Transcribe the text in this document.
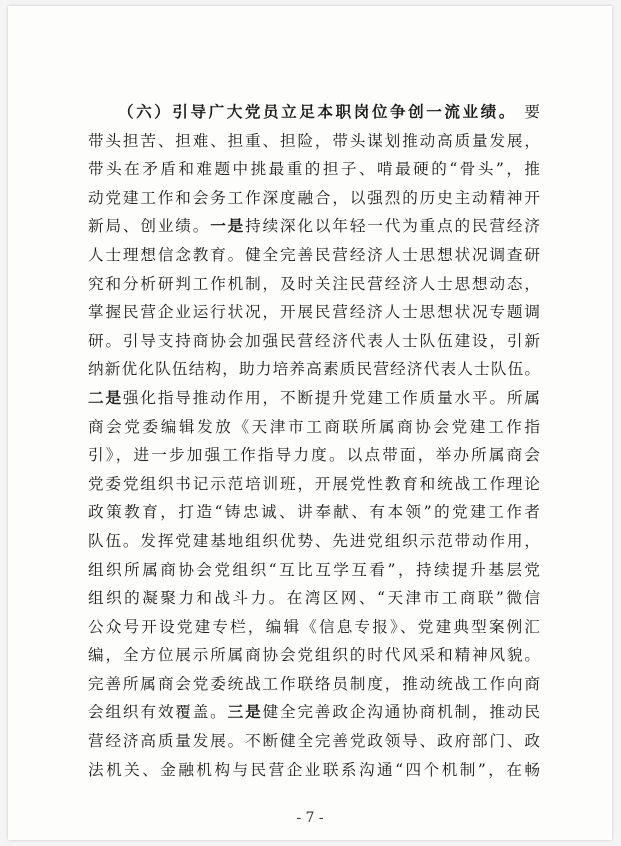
（六）引导广大党员立足本职岗位争创一流业绩。 要
带头担苦、担难、担重、担险，带头谋划推动高质量发展，
带头在矛盾和难题中挑最重的担子、啃最硬的“骨头”，推
动党建工作和会务工作深度融合，以强烈的历史主动精神开
新局、创业绩。一是持续深化以年轻一代为重点的民营经济
人士理想信念教育。健全完善民营经济人士思想状况调查研
究和分析研判工作机制，及时关注民营经济人士思想动态，
掌握民营企业运行状况，开展民营经济人士思想状况专题调
研。引导支持商协会加强民营经济代表人士队伍建设，引新
纳新优化队伍结构，助力培养高素质民营经济代表人士队伍。
二是强化指导推动作用，不断提升党建工作质量水平。所属
商会党委编辑发放《天津市工商联所属商协会党建工作指
引》，进一步加强工作指导力度。以点带面，举办所属商会
党委党组织书记示范培训班，开展党性教育和统战工作理论
政策教育，打造“铸忠诚、讲奉献、有本领”的党建工作者
队伍。发挥党建基地组织优势、先进党组织示范带动作用，
组织所属商协会党组织“互比互学互看”，持续提升基层党
组织的凝聚力和战斗力。在湾区网、“天津市工商联”微信
公众号开设党建专栏，编辑《信息专报》、党建典型案例汇
编，全方位展示所属商协会党组织的时代风采和精神风貌。
完善所属商会党委统战工作联络员制度，推动统战工作向商
会组织有效覆盖。三是健全完善政企沟通协商机制，推动民
营经济高质量发展。不断健全完善党政领导、政府部门、政
法机关、金融机构与民营企业联系沟通“四个机制”，在畅
- 7 -
